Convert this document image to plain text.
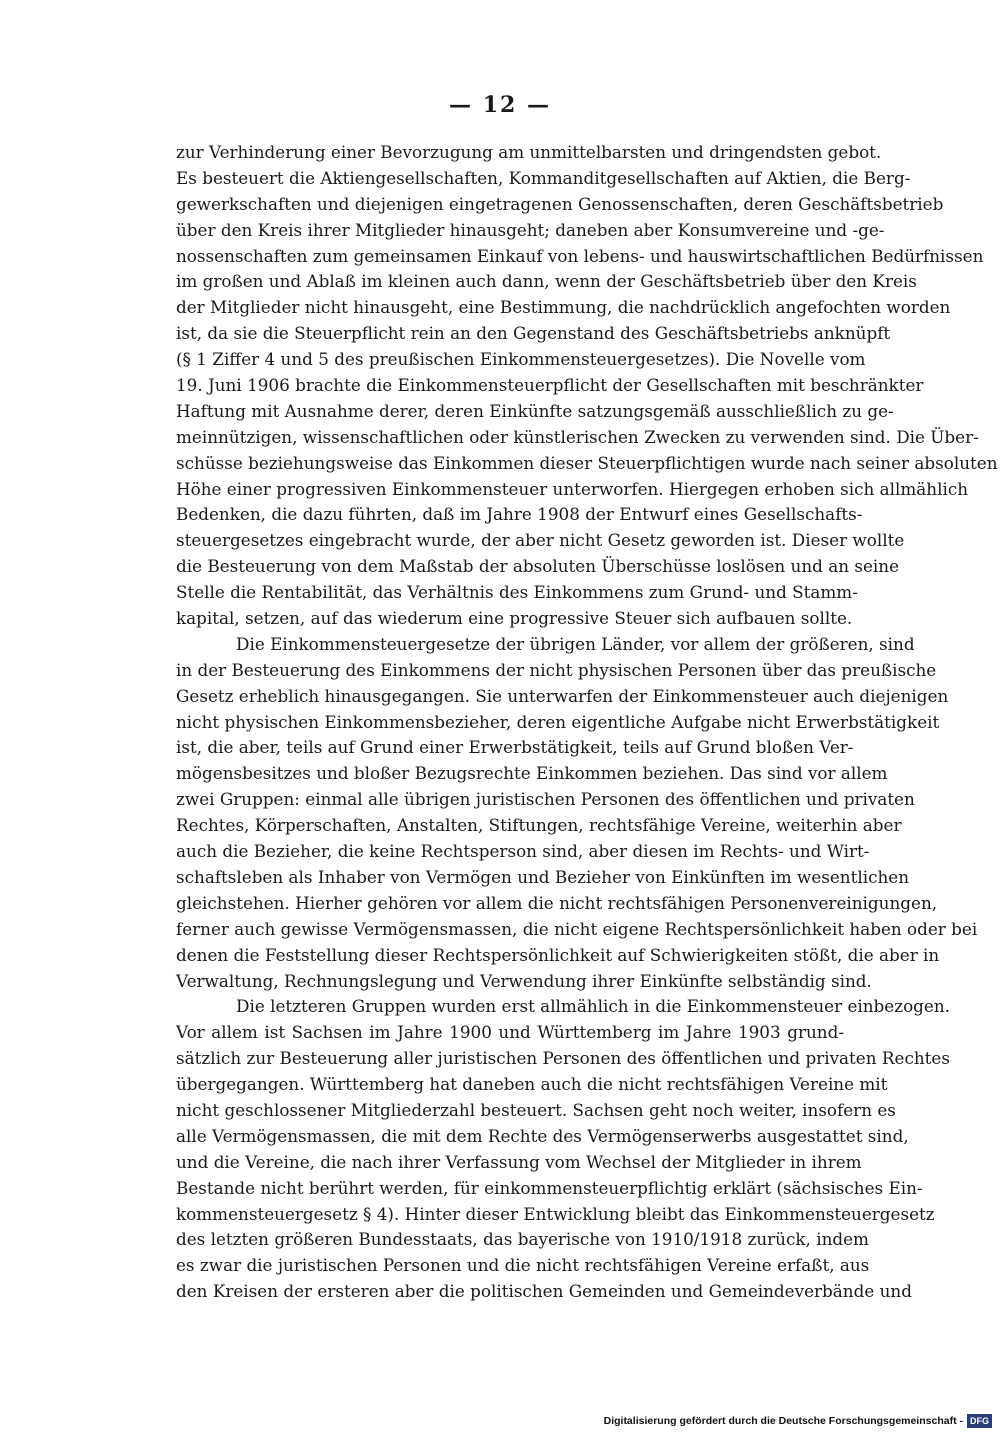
— 12 —
zur Verhinderung einer Bevorzugung am unmittelbarsten und dringendsten gebot.
Es besteuert die Aktiengesellschaften, Kommanditgesellschaften auf Aktien, die Berg-
gewerkschaften und diejenigen eingetragenen Genossenschaften, deren Geschäftsbetrieb
über den Kreis ihrer Mitglieder hinausgeht; daneben aber Konsumvereine und -ge-
nossenschaften zum gemeinsamen Einkauf von lebens- und hauswirtschaftlichen Bedürfnissen
im großen und Ablaß im kleinen auch dann, wenn der Geschäftsbetrieb über den Kreis
der Mitglieder nicht hinausgeht, eine Bestimmung, die nachdrücklich angefochten worden
ist, da sie die Steuerpflicht rein an den Gegenstand des Geschäftsbetriebs anknüpft
(§ 1 Ziffer 4 und 5 des preußischen Einkommensteuergesetzes). Die Novelle vom
19. Juni 1906 brachte die Einkommensteuerpflicht der Gesellschaften mit beschränkter
Haftung mit Ausnahme derer, deren Einkünfte satzungsgemäß ausschließlich zu ge-
meinnützigen, wissenschaftlichen oder künstlerischen Zwecken zu verwenden sind. Die Über-
schüsse beziehungsweise das Einkommen dieser Steuerpflichtigen wurde nach seiner absoluten
Höhe einer progressiven Einkommensteuer unterworfen. Hiergegen erhoben sich allmählich
Bedenken, die dazu führten, daß im Jahre 1908 der Entwurf eines Gesellschafts-
steuergesetzes eingebracht wurde, der aber nicht Gesetz geworden ist. Dieser wollte
die Besteuerung von dem Maßstab der absoluten Überschüsse loslösen und an seine
Stelle die Rentabilität, das Verhältnis des Einkommens zum Grund- und Stamm-
kapital, setzen, auf das wiederum eine progressive Steuer sich aufbauen sollte.
Die Einkommensteuergesetze der übrigen Länder, vor allem der größeren, sind
in der Besteuerung des Einkommens der nicht physischen Personen über das preußische
Gesetz erheblich hinausgegangen. Sie unterwarfen der Einkommensteuer auch diejenigen
nicht physischen Einkommensbezieher, deren eigentliche Aufgabe nicht Erwerbstätigkeit
ist, die aber, teils auf Grund einer Erwerbstätigkeit, teils auf Grund bloßen Ver-
mögensbesitzes und bloßer Bezugsrechte Einkommen beziehen. Das sind vor allem
zwei Gruppen: einmal alle übrigen juristischen Personen des öffentlichen und privaten
Rechtes, Körperschaften, Anstalten, Stiftungen, rechtsfähige Vereine, weiterhin aber
auch die Bezieher, die keine Rechtsperson sind, aber diesen im Rechts- und Wirt-
schaftsleben als Inhaber von Vermögen und Bezieher von Einkünften im wesentlichen
gleichstehen. Hierher gehören vor allem die nicht rechtsfähigen Personenvereinigungen,
ferner auch gewisse Vermögensmassen, die nicht eigene Rechtspersönlichkeit haben oder bei
denen die Feststellung dieser Rechtspersönlichkeit auf Schwierigkeiten stößt, die aber in
Verwaltung, Rechnungslegung und Verwendung ihrer Einkünfte selbständig sind.
Die letzteren Gruppen wurden erst allmählich in die Einkommensteuer einbezogen.
Vor allem ist Sachsen im Jahre 1900 und Württemberg im Jahre 1903 grund-
sätzlich zur Besteuerung aller juristischen Personen des öffentlichen und privaten Rechtes
übergegangen. Württemberg hat daneben auch die nicht rechtsfähigen Vereine mit
nicht geschlossener Mitgliederzahl besteuert. Sachsen geht noch weiter, insofern es
alle Vermögensmassen, die mit dem Rechte des Vermögenserwerbs ausgestattet sind,
und die Vereine, die nach ihrer Verfassung vom Wechsel der Mitglieder in ihrem
Bestande nicht berührt werden, für einkommensteuerpflichtig erklärt (sächsisches Ein-
kommensteuergesetz § 4). Hinter dieser Entwicklung bleibt das Einkommensteuergesetz
des letzten größeren Bundesstaats, das bayerische von 1910/1918 zurück, indem
es zwar die juristischen Personen und die nicht rechtsfähigen Vereine erfaßt, aus
den Kreisen der ersteren aber die politischen Gemeinden und Gemeindeverbände und
Digitalisierung gefördert durch die Deutsche Forschungsgemeinschaft - DFG
